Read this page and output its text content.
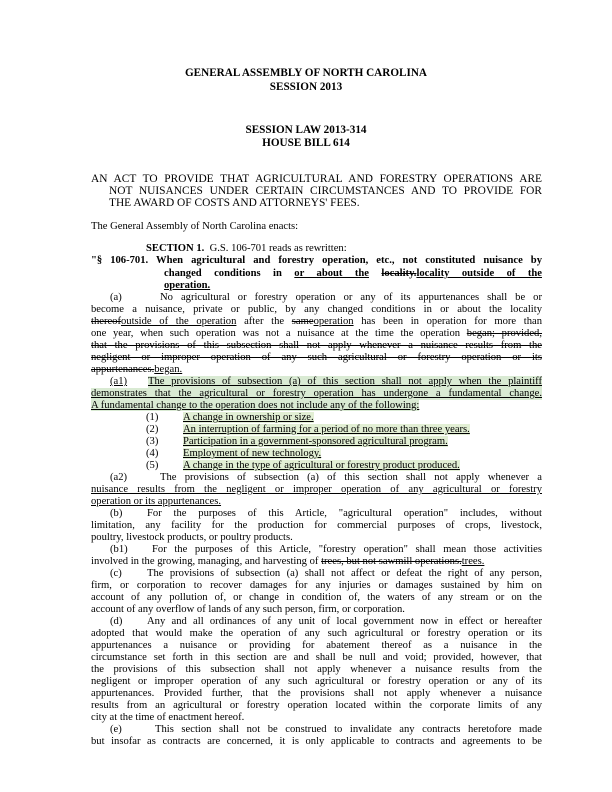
GENERAL ASSEMBLY OF NORTH CAROLINA
SESSION 2013
SESSION LAW 2013-314
HOUSE BILL 614
AN ACT TO PROVIDE THAT AGRICULTURAL AND FORESTRY OPERATIONS ARE
NOT NUISANCES UNDER CERTAIN CIRCUMSTANCES AND TO PROVIDE FOR
THE AWARD OF COSTS AND ATTORNEYS' FEES.
The General Assembly of North Carolina enacts:
SECTION 1. G.S. 106-701 reads as rewritten:
"§ 106-701. When agricultural and forestry operation, etc., not constituted nuisance by
changed conditions in or about the locality.locality outside of the
operation.
(a)	No agricultural or forestry operation or any of its appurtenances shall be or
become a nuisance, private or public, by any changed conditions in or about the locality
thereofoutside of the operation after the sameoperation has been in operation for more than
one year, when such operation was not a nuisance at the time the operation began; provided,
that the provisions of this subsection shall not apply whenever a nuisance results from the
negligent or improper operation of any such agricultural or forestry operation or its
appurtenances.began.
(a1) The provisions of subsection (a) of this section shall not apply when the plaintiff
demonstrates that the agricultural or forestry operation has undergone a fundamental change.
A fundamental change to the operation does not include any of the following:
(1) A change in ownership or size.
(2) An interruption of farming for a period of no more than three years.
(3) Participation in a government-sponsored agricultural program.
(4) Employment of new technology.
(5) A change in the type of agricultural or forestry product produced.
(a2)	The provisions of subsection (a) of this section shall not apply whenever a
nuisance results from the negligent or improper operation of any agricultural or forestry
operation or its appurtenances.
(b) For the purposes of this Article, "agricultural operation" includes, without
limitation, any facility for the production for commercial purposes of crops, livestock,
poultry, livestock products, or poultry products.
(b1) For the purposes of this Article, "forestry operation" shall mean those activities
involved in the growing, managing, and harvesting of trees, but not sawmill operations.trees.
(c) The provisions of subsection (a) shall not affect or defeat the right of any person,
firm, or corporation to recover damages for any injuries or damages sustained by him on
account of any pollution of, or change in condition of, the waters of any stream or on the
account of any overflow of lands of any such person, firm, or corporation.
(d) Any and all ordinances of any unit of local government now in effect or hereafter
adopted that would make the operation of any such agricultural or forestry operation or its
appurtenances a nuisance or providing for abatement thereof as a nuisance in the
circumstance set forth in this section are and shall be null and void; provided, however, that
the provisions of this subsection shall not apply whenever a nuisance results from the
negligent or improper operation of any such agricultural or forestry operation or any of its
appurtenances. Provided further, that the provisions shall not apply whenever a nuisance
results from an agricultural or forestry operation located within the corporate limits of any
city at the time of enactment hereof.
(e)	This section shall not be construed to invalidate any contracts heretofore made
but insofar as contracts are concerned, it is only applicable to contracts and agreements to be
